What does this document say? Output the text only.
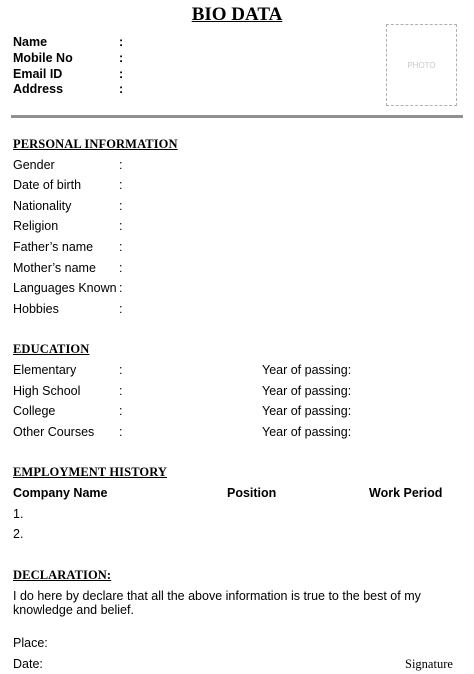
BIO DATA
Name	:
Mobile No	:
Email ID	:
Address	:
PHOTO
PERSONAL INFORMATION
Gender	:
Date of birth	:
Nationality	:
Religion	:
Father’s name :
Mother’s name :
Languages Known :
Hobbies	:
EDUCATION
Elementary	:	Year of passing:
High School	:	Year of passing:
College	:	Year of passing:
Other Courses :	Year of passing:
EMPLOYMENT HISTORY
Company Name	Position	Work Period
1.
2.
DECLARATION:
I do here by declare that all the above information is true to the best of my
knowledge and belief.
Place:
Date:	Signature
